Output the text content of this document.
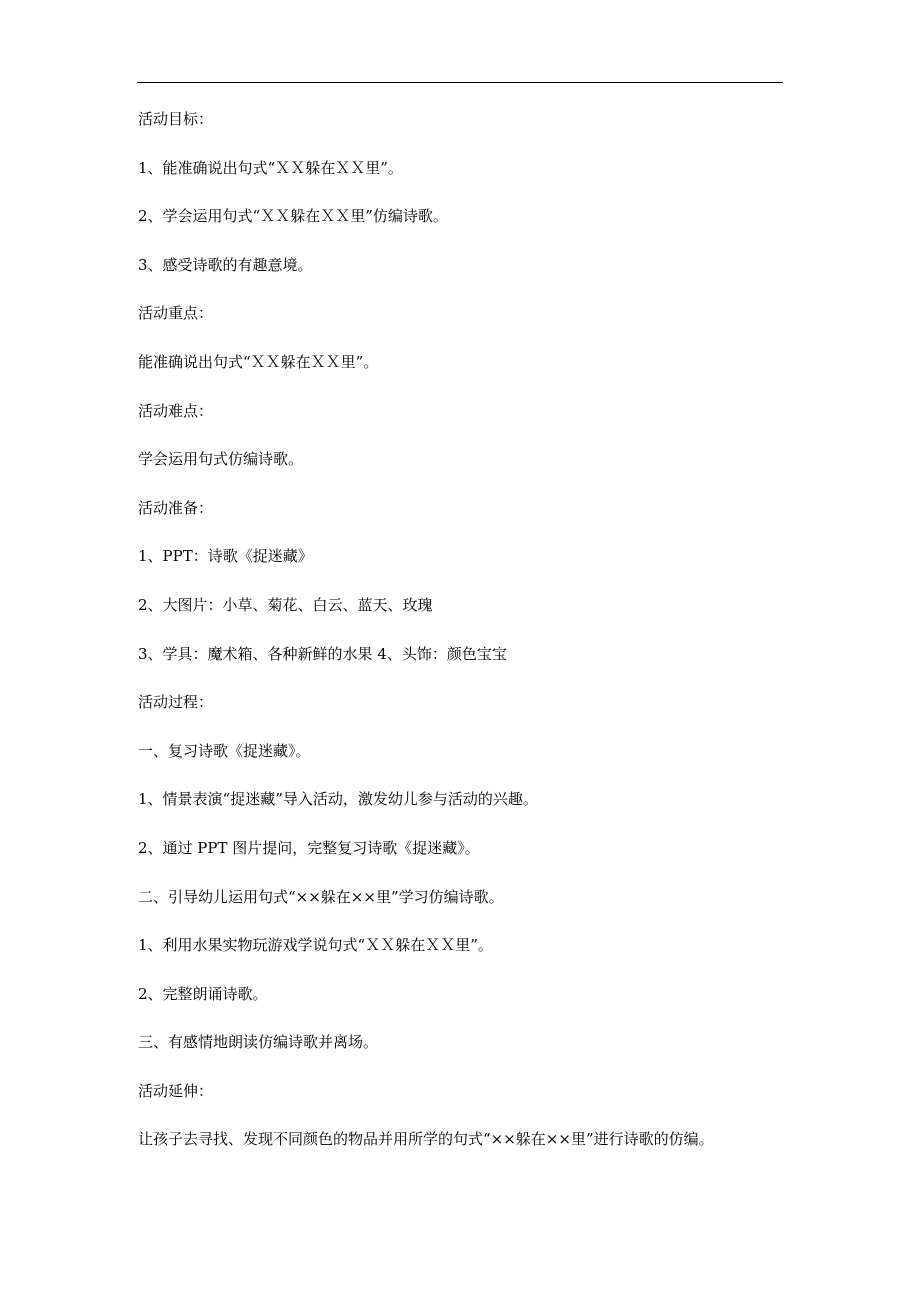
活动目标：

1、能准确说出句式“ＸＸ躲在ＸＸ里”。

2、学会运用句式“ＸＸ躲在ＸＸ里”仿编诗歌。

3、感受诗歌的有趣意境。

活动重点：

能准确说出句式“ＸＸ躲在ＸＸ里”。

活动难点：

学会运用句式仿编诗歌。

活动准备：

1、PPT：诗歌《捉迷藏》

2、大图片：小草、菊花、白云、蓝天、玫瑰

3、学具：魔术箱、各种新鲜的水果 4、头饰：颜色宝宝

活动过程：

一、复习诗歌《捉迷藏》。

1、情景表演“捉迷藏”导入活动，激发幼儿参与活动的兴趣。

2、通过 PPT 图片提问，完整复习诗歌《捉迷藏》。

二、引导幼儿运用句式“××躲在××里”学习仿编诗歌。

1、利用水果实物玩游戏学说句式“ＸＸ躲在ＸＸ里”。

2、完整朗诵诗歌。

三、有感情地朗读仿编诗歌并离场。

活动延伸：

让孩子去寻找、发现不同颜色的物品并用所学的句式“××躲在××里”进行诗歌的仿编。
